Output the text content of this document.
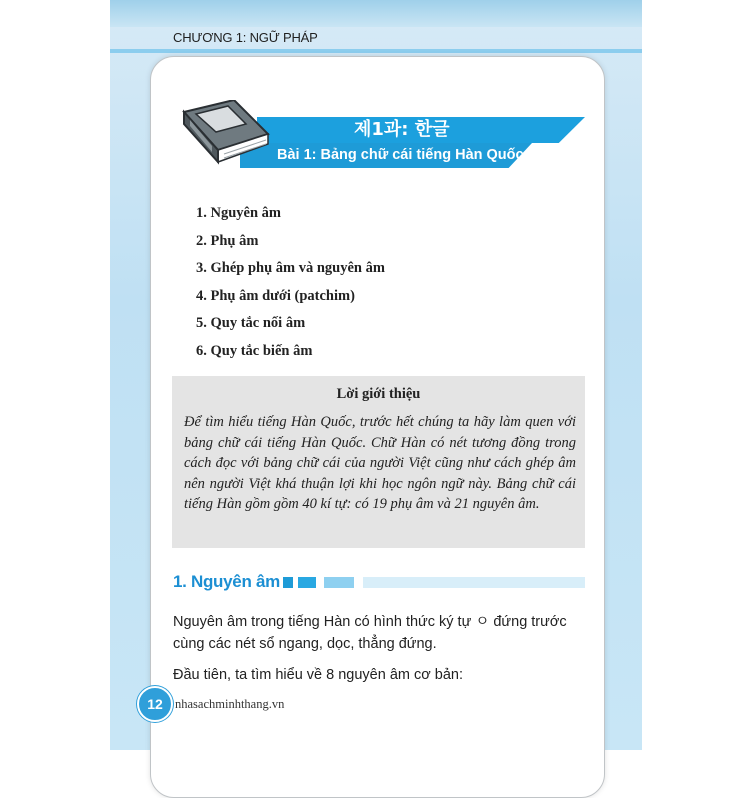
CHƯƠNG 1: NGỮ PHÁP
제1과: 한글
Bài 1: Bảng chữ cái tiếng Hàn Quốc
1. Nguyên âm
2. Phụ âm
3. Ghép phụ âm và nguyên âm
4. Phụ âm dưới (patchim)
5. Quy tắc nối âm
6. Quy tắc biến âm
Lời giới thiệu
Để tìm hiểu tiếng Hàn Quốc, trước hết chúng ta hãy làm quen với bảng chữ cái tiếng Hàn Quốc. Chữ Hàn có nét tương đồng trong cách đọc với bảng chữ cái của người Việt cũng như cách ghép âm nên người Việt khá thuận lợi khi học ngôn ngữ này. Bảng chữ cái tiếng Hàn gồm gồm 40 kí tự: có 19 phụ âm và 21 nguyên âm.
1. Nguyên âm
Nguyên âm trong tiếng Hàn có hình thức ký tự ㅇ đứng trước cùng các nét sổ ngang, dọc, thẳng đứng.
Đầu tiên, ta tìm hiểu về 8 nguyên âm cơ bản:
12 nhasachminhthang.vn
